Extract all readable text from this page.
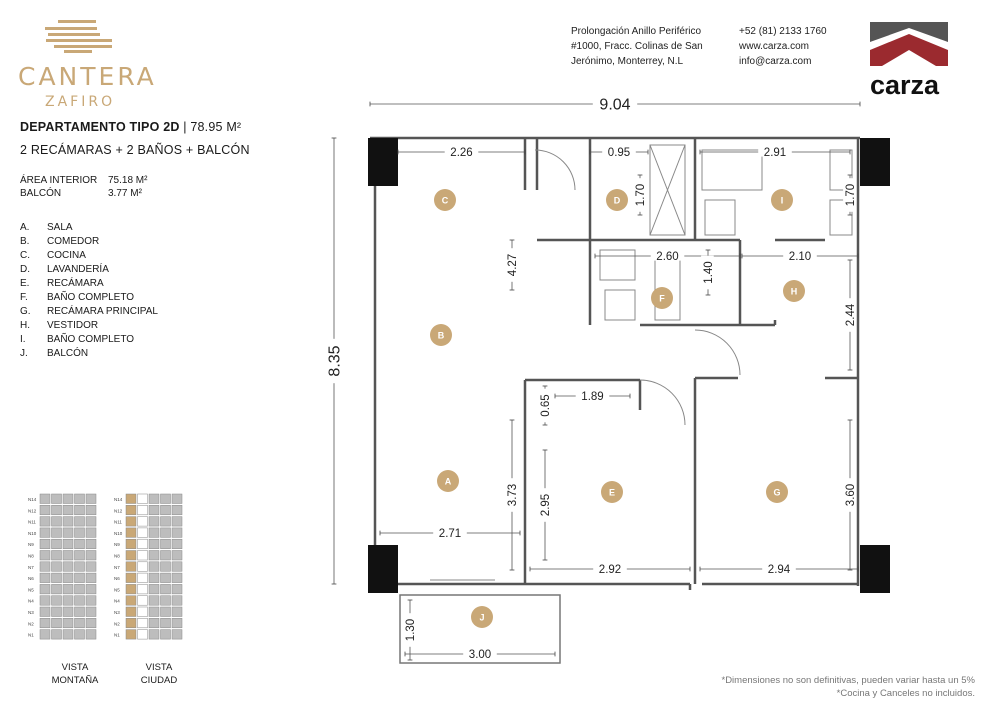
CANTERA
ZAFIRO
DEPARTAMENTO TIPO 2D | 78.95 M²
2 RECÁMARAS + 2 BAÑOS + BALCÓN
ÁREA INTERIOR 75.18 M²
BALCÓN	3.77 M²
A. SALA
B. COMEDOR
C. COCINA
D. LAVANDERÍA
E. RECÁMARA
F. BAÑO COMPLETO
G. RECÁMARA PRINCIPAL
H. VESTIDOR
I. BAÑO COMPLETO
J. BALCÓN
N14	N14
N12	N12
N11	N11
N10	N10
N9	N9
N8	N8
N7	N7
N6	N6
N5	N5
N4	N4
N3	N3
N2	N2
N1	N1
VISTA
MONTAÑA
VISTA
CIUDAD
Prolongación Anillo Periférico
#1000, Fracc. Colinas de San
Jerónimo, Monterrey, N.L
+52 (81) 2133 1760
www.carza.com
info@carza.com
carza
9.04
8.35
2.26	0.95
1.70
2.91
1.70
4.27	2.60
1.40
2.10
2.44
0.65	1.89
3.73
2.71
2.95
2.92
3.60
2.94
1.30
3.00
A
B
C	D
E
F
G
H
I
J
*Dimensiones no son definitivas, pueden variar hasta un 5%
*Cocina y Canceles no incluidos.
